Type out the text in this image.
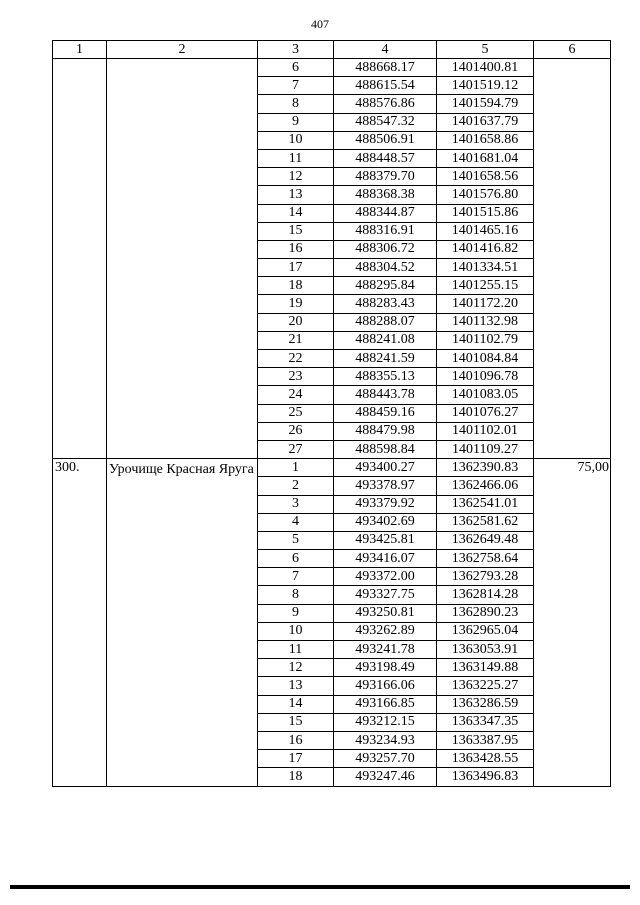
407
1	2	3	4	5	6
		6	488668.17	1401400.81	
		7	488615.54	1401519.12	
		8	488576.86	1401594.79	
		9	488547.32	1401637.79	
		10	488506.91	1401658.86	
		11	488448.57	1401681.04	
		12	488379.70	1401658.56	
		13	488368.38	1401576.80	
		14	488344.87	1401515.86	
		15	488316.91	1401465.16	
		16	488306.72	1401416.82	
		17	488304.52	1401334.51	
		18	488295.84	1401255.15	
		19	488283.43	1401172.20	
		20	488288.07	1401132.98	
		21	488241.08	1401102.79	
		22	488241.59	1401084.84	
		23	488355.13	1401096.78	
		24	488443.78	1401083.05	
		25	488459.16	1401076.27	
		26	488479.98	1401102.01	
		27	488598.84	1401109.27	
300.	Урочище Красная Яруга	1	493400.27	1362390.83	75,00
		2	493378.97	1362466.06	
		3	493379.92	1362541.01	
		4	493402.69	1362581.62	
		5	493425.81	1362649.48	
		6	493416.07	1362758.64	
		7	493372.00	1362793.28	
		8	493327.75	1362814.28	
		9	493250.81	1362890.23	
		10	493262.89	1362965.04	
		11	493241.78	1363053.91	
		12	493198.49	1363149.88	
		13	493166.06	1363225.27	
		14	493166.85	1363286.59	
		15	493212.15	1363347.35	
		16	493234.93	1363387.95	
		17	493257.70	1363428.55	
		18	493247.46	1363496.83	
